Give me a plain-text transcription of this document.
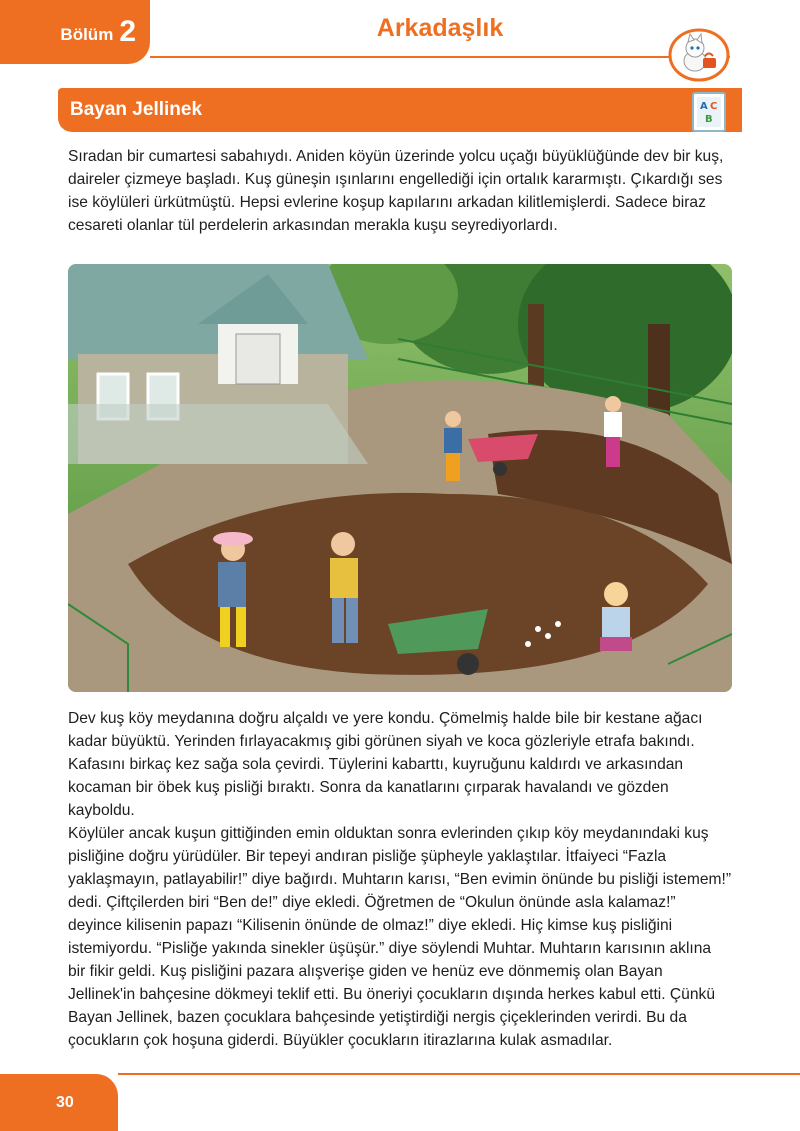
Bölüm 2	Arkadaşlık
Bayan Jellinek	A C
B

Sıradan bir cumartesi sabahıydı. Aniden köyün üzerinde yolcu uçağı büyüklüğünde dev bir kuş, daireler çizmeye başladı. Kuş güneşin ışınlarını engellediği için ortalık kararmıştı. Çıkardığı ses ise köylüleri ürkütmüştü. Hepsi evlerine koşup kapılarını arkadan kilitlemişlerdi. Sadece biraz cesareti olanlar tül perdelerin arkasından merakla kuşu seyrediyorlardı.

Dev kuş köy meydanına doğru alçaldı ve yere kondu. Çömelmiş halde bile bir kestane ağacı kadar büyüktü. Yerinden fırlayacakmış gibi görünen siyah ve koca gözleriyle etrafa bakındı. Kafasını birkaç kez sağa sola çevirdi. Tüylerini kabarttı, kuyruğunu kaldırdı ve arkasından kocaman bir öbek kuş pisliği bıraktı. Sonra da kanatlarını çırparak havalandı ve gözden kayboldu.

Köylüler ancak kuşun gittiğinden emin olduktan sonra evlerinden çıkıp köy meydanındaki kuş pisliğine doğru yürüdüler. Bir tepeyi andıran pisliğe şüpheyle yaklaştılar. İtfaiyeci “Fazla yaklaşmayın, patlayabilir!” diye bağırdı. Muhtarın karısı, “Ben evimin önünde bu pisliği istemem!” dedi. Çiftçilerden biri “Ben de!” diye ekledi. Öğretmen de “Okulun önünde asla kalamaz!” deyince kilisenin papazı “Kilisenin önünde de olmaz!” diye ekledi. Hiç kimse kuş pisliğini istemiyordu. “Pisliğe yakında sinekler üşüşür.” diye söylendi Muhtar. Muhtarın karısının aklına bir fikir geldi. Kuş pisliğini pazara alışverişe giden ve henüz eve dönmemiş olan Bayan Jellinek'in bahçesine dökmeyi teklif etti. Bu öneriyi çocukların dışında herkes kabul etti. Çünkü Bayan Jellinek, bazen çocuklara bahçesinde yetiştirdiği nergis çiçeklerinden verirdi. Bu da çocukların çok hoşuna giderdi. Büyükler çocukların itirazlarına kulak asmadılar.

30
